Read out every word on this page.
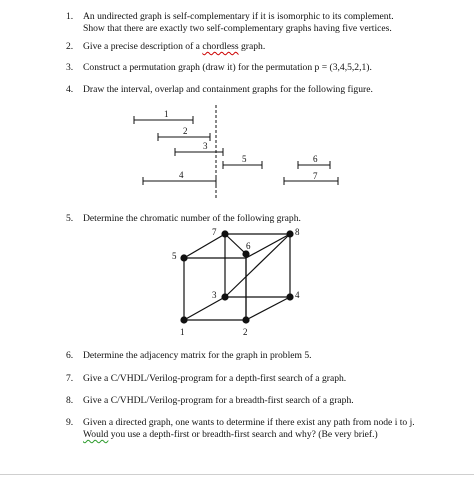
1. An undirected graph is self-complementary if it is isomorphic to its complement.
Show that there are exactly two self-complementary graphs having five vertices.
2. Give a precise description of a chordless graph.
3. Construct a permutation graph (draw it) for the permutation p = (3,4,5,2,1).
4. Draw the interval, overlap and containment graphs for the following figure.
1
2
3
4
5	6
7
5. Determine the chromatic number of the following graph.
1	2
3	4
5
6
7	8
6. Determine the adjacency matrix for the graph in problem 5.
7. Give a C/VHDL/Verilog-program for a depth-first search of a graph.
8. Give a C/VHDL/Verilog-program for a breadth-first search of a graph.
9. Given a directed graph, one wants to determine if there exist any path from node i to j.
Would you use a depth-first or breadth-first search and why? (Be very brief.)
